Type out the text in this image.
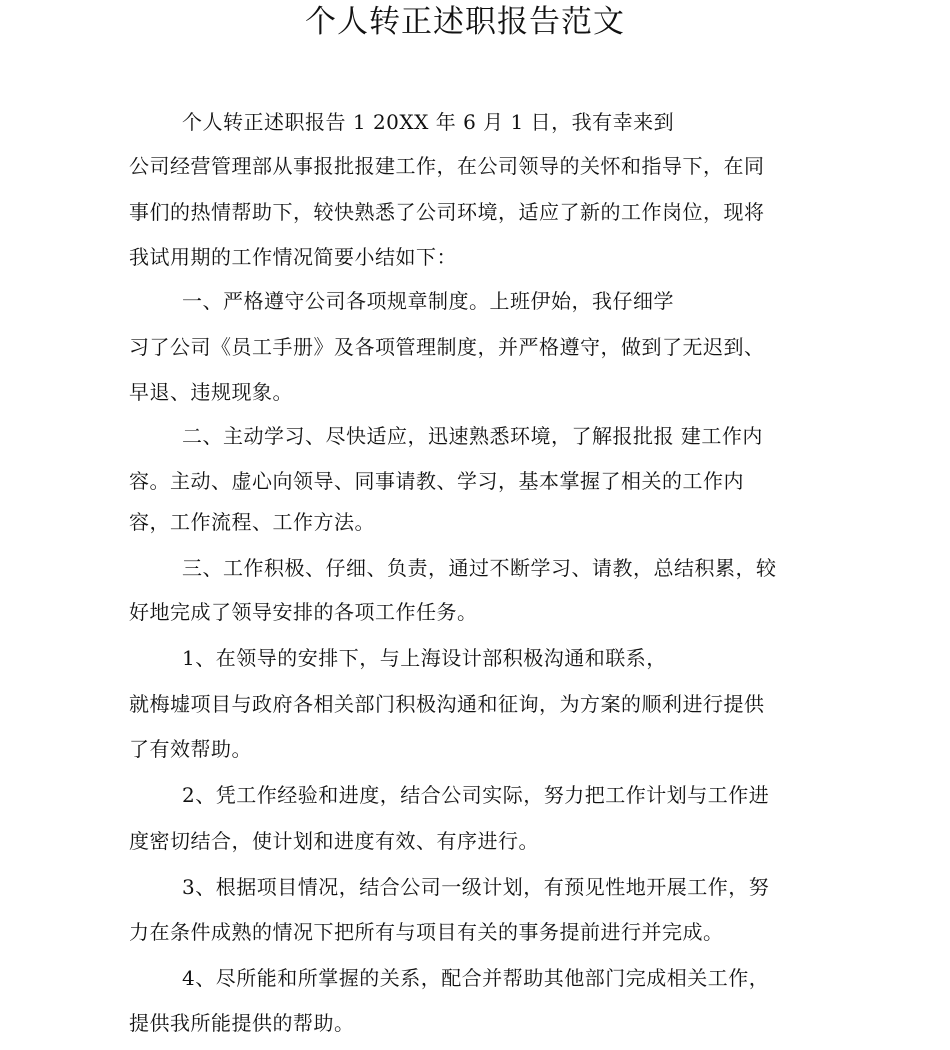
个人转正述职报告范文
个人转正述职报告 1 20XX 年 6 月 1 日，我有幸来到
公司经营管理部从事报批报建工作，在公司领导的关怀和指导下，在同
事们的热情帮助下，较快熟悉了公司环境，适应了新的工作岗位，现将
我试用期的工作情况简要小结如下：
一、严格遵守公司各项规章制度。上班伊始，我仔细学
习了公司《员工手册》及各项管理制度，并严格遵守，做到了无迟到、
早退、违规现象。
二、主动学习、尽快适应，迅速熟悉环境，了解报批报 建工作内
容。主动、虚心向领导、同事请教、学习，基本掌握了相关的工作内
容，工作流程、工作方法。
三、工作积极、仔细、负责，通过不断学习、请教，总结积累，较
好地完成了领导安排的各项工作任务。
1、在领导的安排下，与上海设计部积极沟通和联系，
就梅墟项目与政府各相关部门积极沟通和征询，为方案的顺利进行提供
了有效帮助。
2、凭工作经验和进度，结合公司实际，努力把工作计划与工作进
度密切结合，使计划和进度有效、有序进行。
3、根据项目情况，结合公司一级计划，有预见性地开展工作，努
力在条件成熟的情况下把所有与项目有关的事务提前进行并完成。
4、尽所能和所掌握的关系，配合并帮助其他部门完成相关工作，
提供我所能提供的帮助。
